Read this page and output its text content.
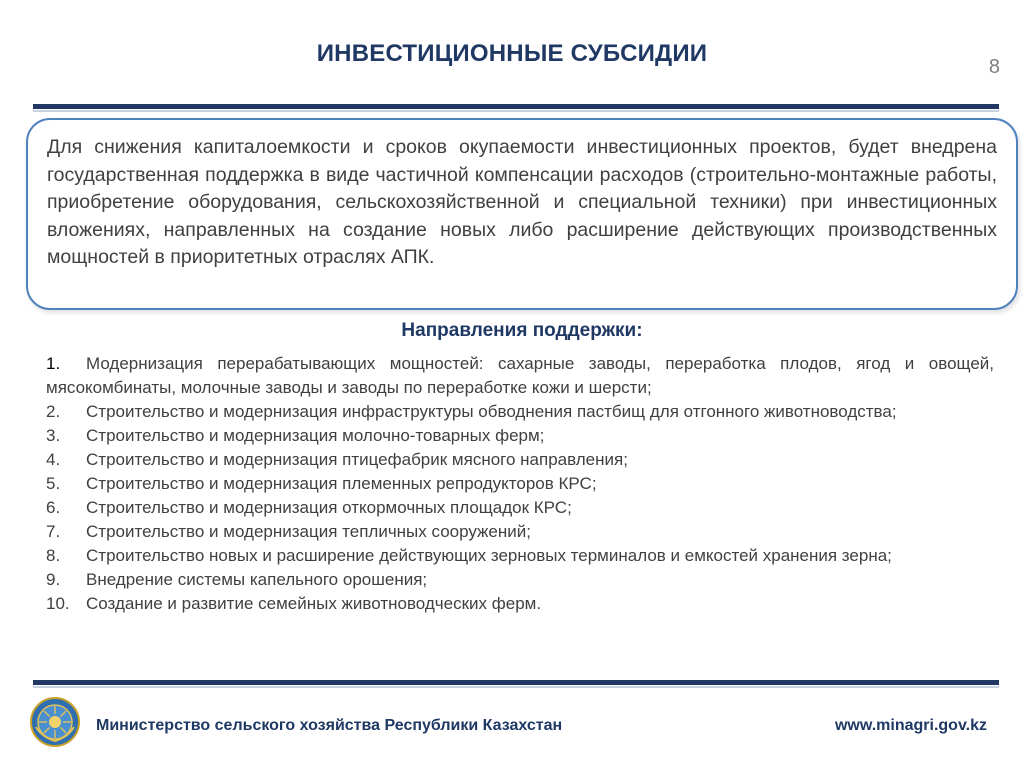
ИНВЕСТИЦИОННЫЕ СУБСИДИИ	8

Для снижения капиталоемкости и сроков окупаемости инвестиционных проектов, будет внедрена государственная поддержка в виде частичной компенсации расходов (строительно-монтажные работы, приобретение оборудования, сельскохозяйственной и специальной техники) при инвестиционных вложениях, направленных на создание новых либо расширение действующих производственных мощностей в приоритетных отраслях АПК.

Направления поддержки:
1. Модернизация перерабатывающих мощностей: сахарные заводы, переработка плодов, ягод и овощей, мясокомбинаты, молочные заводы и заводы по переработке кожи и шерсти;
2. Строительство и модернизация инфраструктуры обводнения пастбищ для отгонного животноводства;
3. Строительство и модернизация молочно-товарных ферм;
4. Строительство и модернизация птицефабрик мясного направления;
5. Строительство и модернизация племенных репродукторов КРС;
6. Строительство и модернизация откормочных площадок КРС;
7. Строительство и модернизация тепличных сооружений;
8. Строительство новых и расширение действующих зерновых терминалов и емкостей хранения зерна;
9. Внедрение системы капельного орошения;
10. Создание и развитие семейных животноводческих ферм.
Министерство сельского хозяйства Республики Казахстан	www.minagri.gov.kz
